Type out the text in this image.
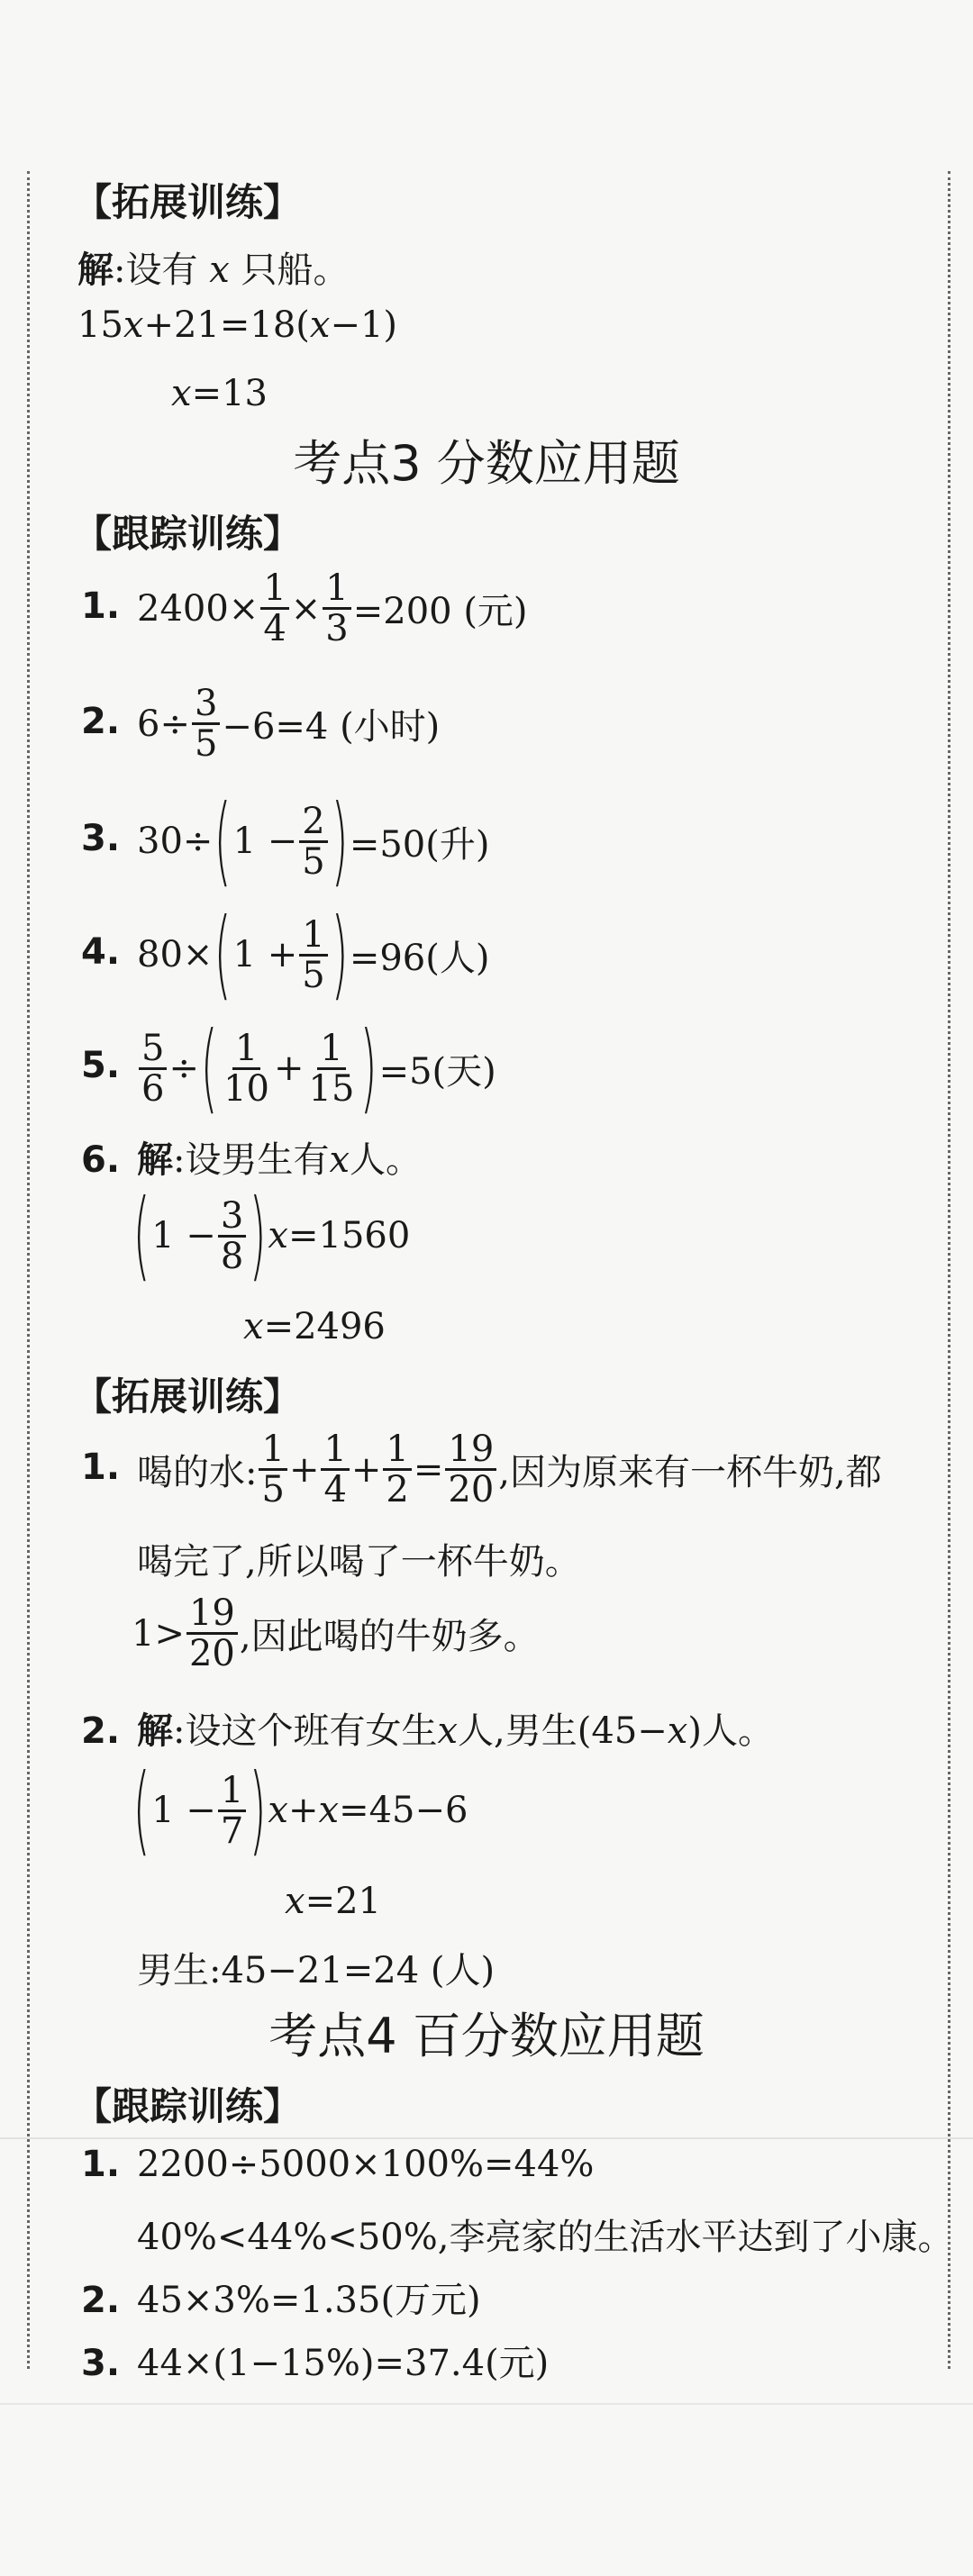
【拓展训练】
解:设有 x 只船。
15x+21=18(x−1)
x=13
考点3 分数应用题
【跟踪训练】
1. $2400\times \frac{1}{4} \times \frac{1}{3} =200$ (元)
2. $6\div \frac{3}{5} -6=4$ (小时)
3. 30÷ ( $1 - \frac{2}{5}$ ) =50(升)
4. 80× ( $1 + \frac{1}{5}$ ) =96(人)
5. $\frac{5}{6}$ ÷ ( $\frac{1}{10} + \frac{1}{15}$ ) =5(天)
6. 解:设男生有x人。
( $1 - \frac{3}{8}$ ) x =1560
x=2496
【拓展训练】
1. 喝的水: $\frac{1}{5} + \frac{1}{4} + \frac{1}{2} = \frac{19}{20}$ ,因为原来有一杯牛奶,都
喝完了,所以喝了一杯牛奶。
$1> \frac{19}{20}$ ,因此喝的牛奶多。
2. 解:设这个班有女生x人,男生(45−x)人。
( $1 - \frac{1}{7}$ ) x + x =45−6
x=21
男生:45−21=24 (人)
考点4 百分数应用题
【跟踪训练】
1. 2200÷5000×100%=44%
40%<44%<50%,李亮家的生活水平达到了小康。
2. 45×3%=1.35(万元)
3. 44×(1−15%)=37.4(元)
